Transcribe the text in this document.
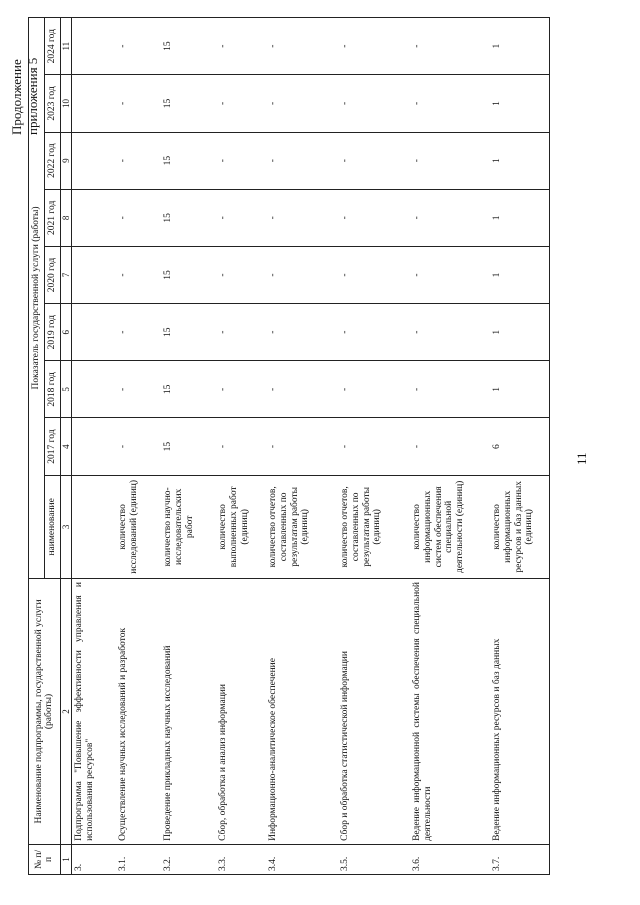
11
Продолжение приложения 5
№ п/п	Наименование подпрограммы, государственной услуги (работы)	Показатель государственной услуги (работы)								
		наименование	2017 год	2018 год	2019 год	2020 год	2021 год	2022 год	2023 год	2024 год
1	2	3	4	5	6	7	8	9	10	11
3.	Подпрограмма "Повышение эффективности управления и использования ресурсов"									
3.1.	Осуществление научных исследований и разработок	количество исследований (единиц)	-	-	-	-	-	-	-	-
3.2.	Проведение прикладных научных исследований	количество научно-исследовательских работ	15	15	15	15	15	15	15	15
3.3.	Сбор, обработка и анализ информации	количество выполненных работ (единиц)	-	-	-	-	-	-	-	-
3.4.	Информационно-аналитическое обеспечение	количество отчетов, составленных по результатам работы (единиц)	-	-	-	-	-	-	-	-
3.5.	Сбор и обработка статистической информации	количество отчетов, составленных по результатам работы (единиц)	-	-	-	-	-	-	-	-
3.6.	Ведение информационной системы обеспечения специальной деятельности	количество информационных систем обеспечения специальной деятельности (единиц)	-	-	-	-	-	-	-	-
3.7.	Ведение информационных ресурсов и баз данных	количество информационных ресурсов и баз данных (единиц)	6	1	1	1	1	1	1	1
